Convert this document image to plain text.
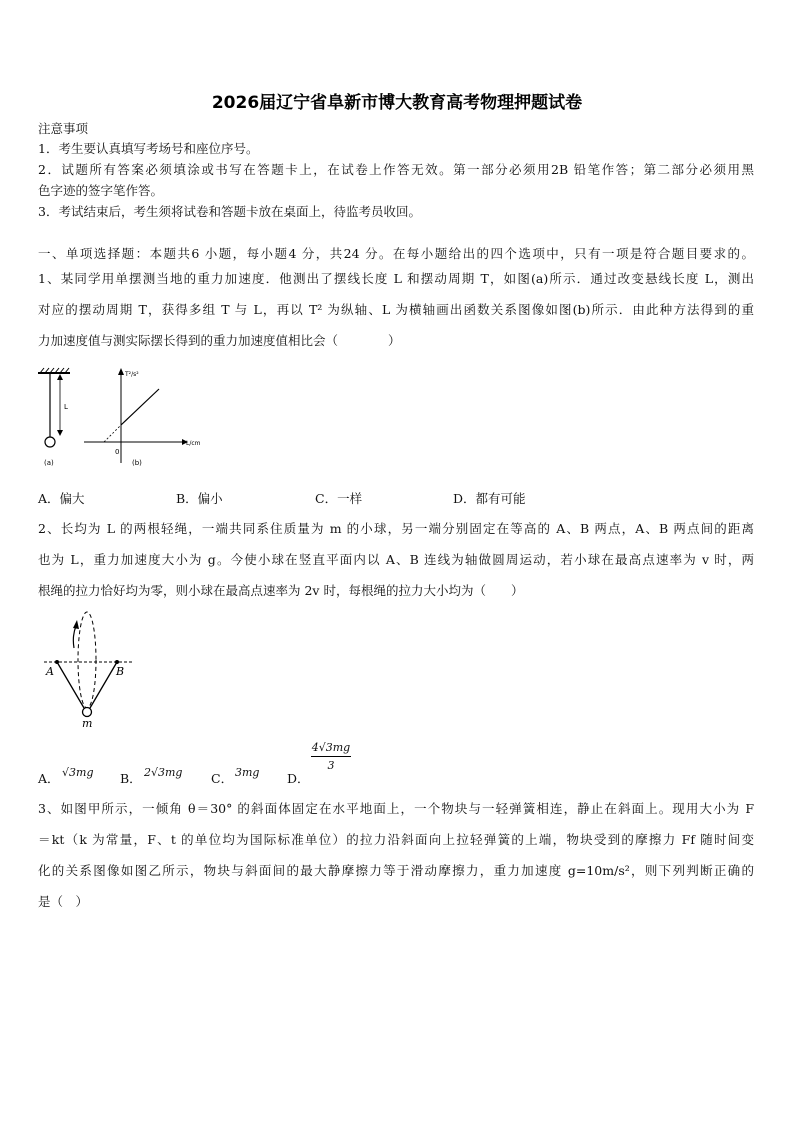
2026届辽宁省阜新市博大教育高考物理押题试卷
注意事项
1．考生要认真填写考场号和座位序号。
2．试题所有答案必须填涂或书写在答题卡上，在试卷上作答无效。第一部分必须用2B 铅笔作答；第二部分必须用黑
色字迹的签字笔作答。
3．考试结束后，考生须将试卷和答题卡放在桌面上，待监考员收回。
一、单项选择题：本题共6 小题，每小题4 分，共24 分。在每小题给出的四个选项中，只有一项是符合题目要求的。
1、某同学用单摆测当地的重力加速度．他测出了摆线长度 L 和摆动周期 T，如图(a)所示．通过改变悬线长度 L，测出
对应的摆动周期 T，获得多组 T 与 L，再以 T² 为纵轴、L 为横轴画出函数关系图像如图(b)所示．由此种方法得到的重
力加速度值与测实际摆长得到的重力加速度值相比会（　　　　）
L
(a)
T²/s²
L/cm
0
(b)
A．偏大	B．偏小	C．一样	D．都有可能
2、长均为 L 的两根轻绳，一端共同系住质量为 m 的小球，另一端分别固定在等高的 A、B 两点，A、B 两点间的距离
也为 L，重力加速度大小为 g。今使小球在竖直平面内以 A、B 连线为轴做圆周运动，若小球在最高点速率为 v 时，两
根绳的拉力恰好均为零，则小球在最高点速率为 2v 时，每根绳的拉力大小均为（　　）
A	B
m
A． √3mg B． 2√3mg C． 3mg D．
$\frac{4√3mg}{3}$
3、如图甲所示，一倾角 θ＝30° 的斜面体固定在水平地面上，一个物块与一轻弹簧相连，静止在斜面上。现用大小为 F
＝kt（k 为常量，F、t 的单位均为国际标准单位）的拉力沿斜面向上拉轻弹簧的上端，物块受到的摩擦力 Ff 随时间变
化的关系图像如图乙所示，物块与斜面间的最大静摩擦力等于滑动摩擦力，重力加速度 g=10m/s²，则下列判断正确的
是（　）
